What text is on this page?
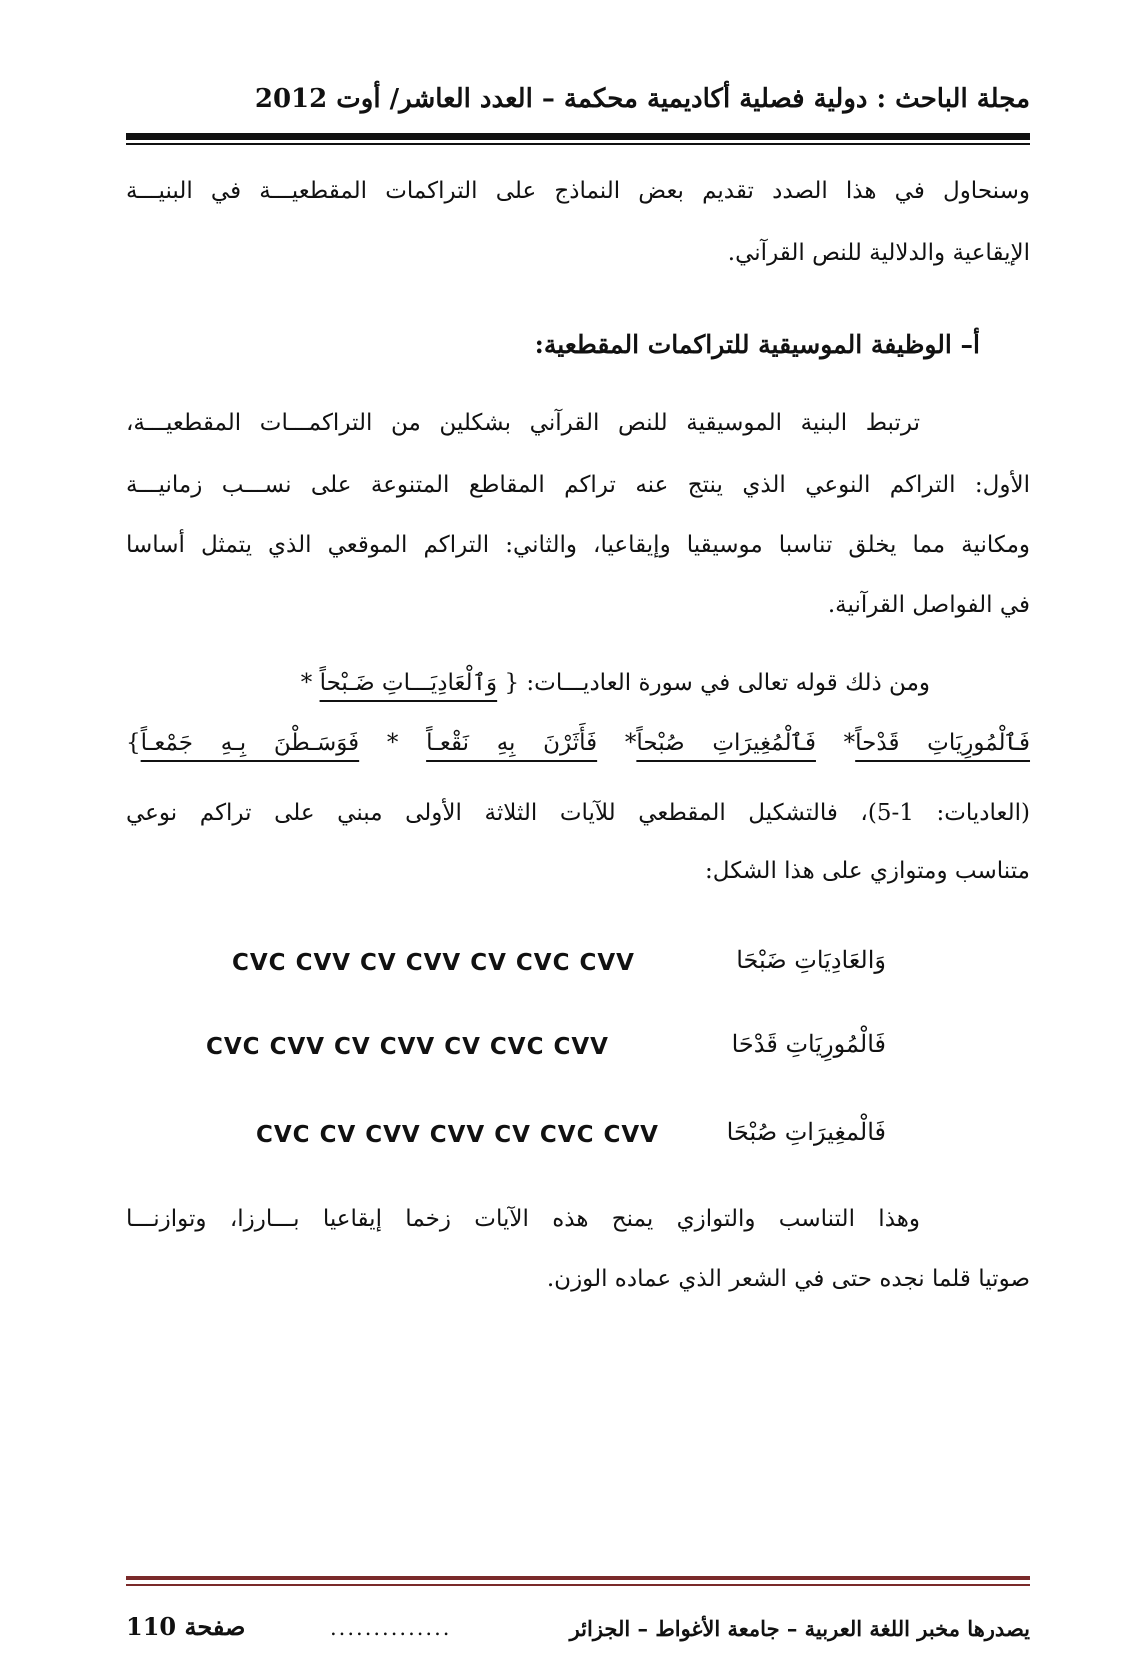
مجلة الباحث : دولية فصلية أكاديمية محكمة – العدد العاشر/ أوت 2012
وسنحاول في هذا الصدد تقديم بعض النماذج على التراكمات المقطعيـــة في البنيـــة
الإيقاعية والدلالية للنص القرآني.
أ– الوظيفة الموسيقية للتراكمات المقطعية:
ترتبط البنية الموسيقية للنص القرآني بشكلين من التراكمـــات المقطعيـــة،
الأول: التراكم النوعي الذي ينتج عنه تراكم المقاطع المتنوعة على نســـب زمانيـــة
ومكانية مما يخلق تناسبا موسيقيا وإيقاعيا، والثاني: التراكم الموقعي الذي يتمثل أساسا
في الفواصل القرآنية.
ومن ذلك قوله تعالى في سورة العاديـــات: { وَٱلْعَادِيَـــاتِ ضَـبْحاً *
فَٱلْمُورِيَاتِ قَدْحاً* فَٱلْمُغِيرَاتِ صُبْحاً* فَأَثَرْنَ بِهِ نَقْعـاً * فَوَسَـطْنَ بِـهِ جَمْعـاً}
(العاديات: 1-5)، فالتشكيل المقطعي للآيات الثلاثة الأولى مبني على تراكم نوعي
متناسب ومتوازي على هذا الشكل:
وَالعَادِيَاتِ ضَبْحَا
CVC CVV CV CVV CV CVC CVV
فَالْمُورِيَاتِ قَدْحَا
CVC CVV CV CVV CV CVC CVV
فَالْمغِيرَاتِ صُبْحَا
CVC CV CVV CVV CV CVC CVV
وهذا التناسب والتوازي يمنح هذه الآيات زخما إيقاعيا بـــارزا، وتوازنـــا
صوتيا قلما نجده حتى في الشعر الذي عماده الوزن.
يصدرها مخبر اللغة العربية – جامعة الأغواط – الجزائر
..............
صفحة 110
